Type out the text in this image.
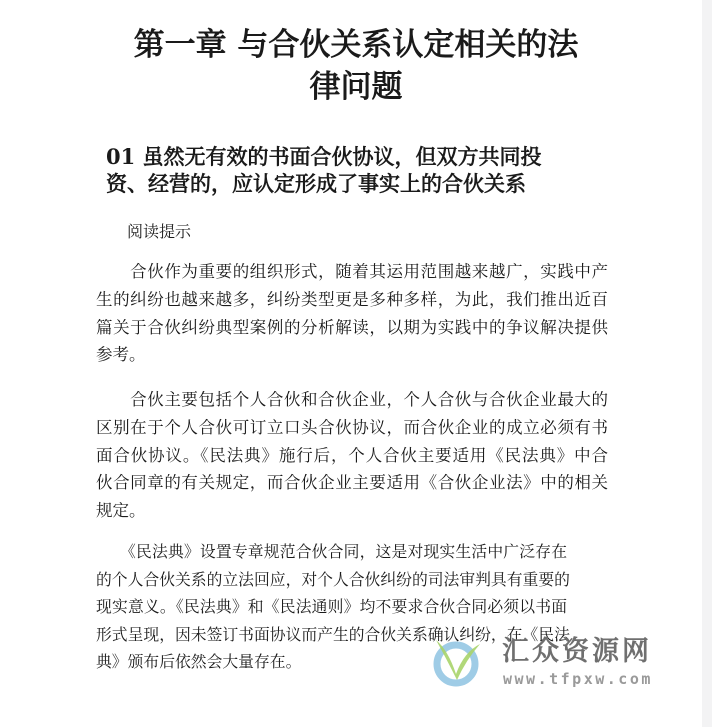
第一章 与合伙关系认定相关的法
律问题
01 虽然无有效的书面合伙协议，但双方共同投
资、经营的，应认定形成了事实上的合伙关系
阅读提示
　　合伙作为重要的组织形式，随着其运用范围越来越广，实践中产
生的纠纷也越来越多，纠纷类型更是多种多样，为此，我们推出近百
篇关于合伙纠纷典型案例的分析解读，以期为实践中的争议解决提供
参考。
　　合伙主要包括个人合伙和合伙企业，个人合伙与合伙企业最大的
区别在于个人合伙可订立口头合伙协议，而合伙企业的成立必须有书
面合伙协议。《民法典》施行后，个人合伙主要适用《民法典》中合
伙合同章的有关规定，而合伙企业主要适用《合伙企业法》中的相关
规定。
　　《民法典》设置专章规范合伙合同，这是对现实生活中广泛存在
的个人合伙关系的立法回应，对个人合伙纠纷的司法审判具有重要的
现实意义。《民法典》和《民法通则》均不要求合伙合同必须以书面
形式呈现，因未签订书面协议而产生的合伙关系确认纠纷，在《民法
典》颁布后依然会大量存在。	汇众资源网
www.tfpxw.com
